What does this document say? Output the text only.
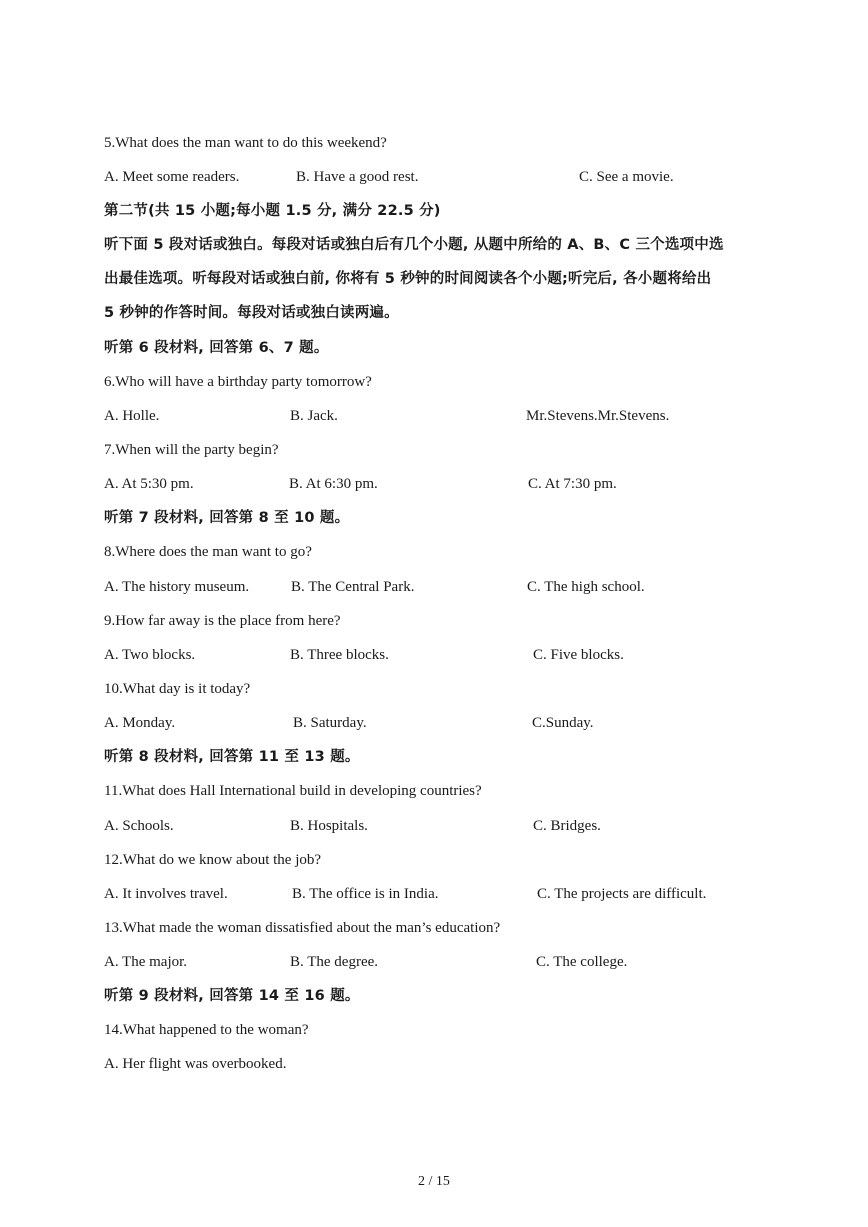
5.What does the man want to do this weekend?
A. Meet some readers.	B. Have a good rest.	C. See a movie.
第二节(共 15 小题;每小题 1.5 分, 满分 22.5 分)
听下面 5 段对话或独白。每段对话或独白后有几个小题, 从题中所给的 A、B、C 三个选项中选
出最佳选项。听每段对话或独白前, 你将有 5 秒钟的时间阅读各个小题;听完后, 各小题将给出
5 秒钟的作答时间。每段对话或独白读两遍。
听第 6 段材料, 回答第 6、7 题。
6.Who will have a birthday party tomorrow?
A. Holle.	B. Jack.	Mr.Stevens.Mr.Stevens.
7.When will the party begin?
A. At 5:30 pm.	B. At 6:30 pm.	C. At 7:30 pm.
听第 7 段材料, 回答第 8 至 10 题。
8.Where does the man want to go?
A. The history museum.	B. The Central Park.	C. The high school.
9.How far away is the place from here?
A. Two blocks.	B. Three blocks.	C. Five blocks.
10.What day is it today?
A. Monday.	B. Saturday.	C.Sunday.
听第 8 段材料, 回答第 11 至 13 题。
11.What does Hall International build in developing countries?
A. Schools.	B. Hospitals.	C. Bridges.
12.What do we know about the job?
A. It involves travel.	B. The office is in India.	C. The projects are difficult.
13.What made the woman dissatisfied about the man’s education?
A. The major.	B. The degree.	C. The college.
听第 9 段材料, 回答第 14 至 16 题。
14.What happened to the woman?
A. Her flight was overbooked.
2 / 15
